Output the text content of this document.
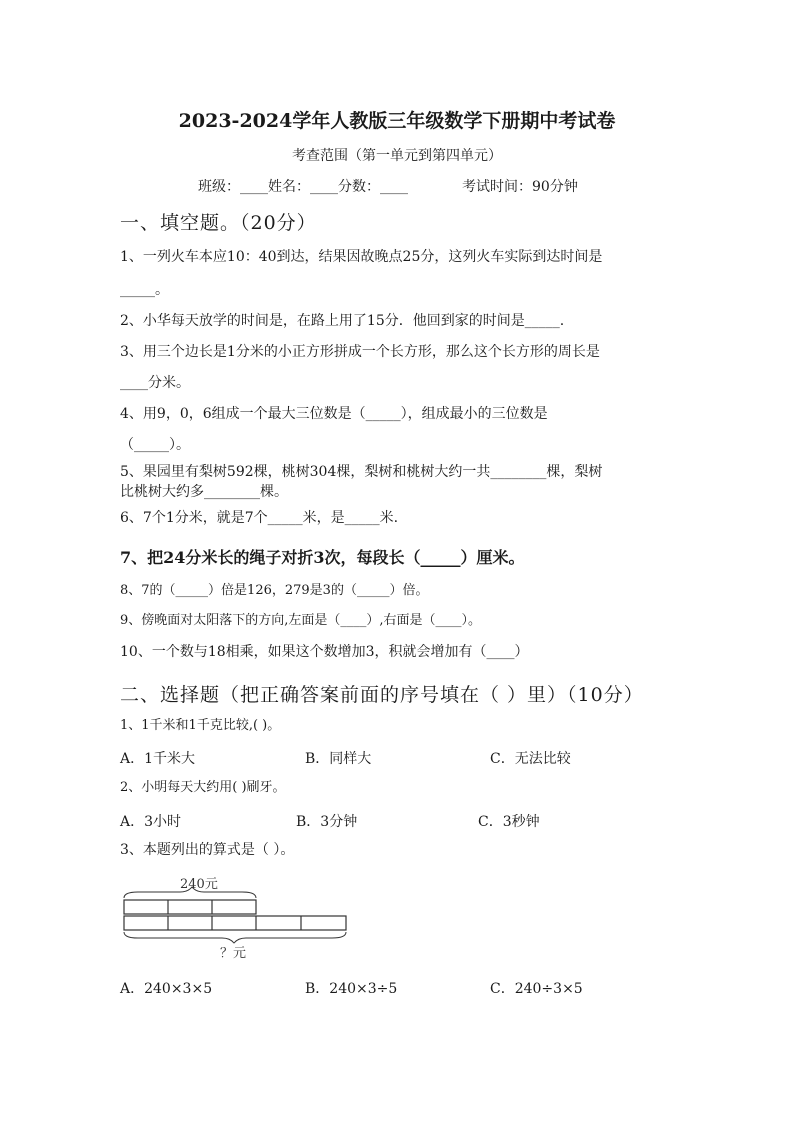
2023-2024学年人教版三年级数学下册期中考试卷
考查范围（第一单元到第四单元）
班级：____姓名：____分数：____	考试时间：90分钟
一、填空题。（20分）
1、一列火车本应10：40到达，结果因故晚点25分，这列火车实际到达时间是
_____。
2、小华每天放学的时间是，在路上用了15分．他回到家的时间是_____.
3、用三个边长是1分米的小正方形拼成一个长方形，那么这个长方形的周长是
____分米。
4、用9，0，6组成一个最大三位数是（_____），组成最小的三位数是
（_____）。
5、果园里有梨树592棵，桃树304棵，梨树和桃树大约一共________棵，梨树
比桃树大约多________棵。
6、7个1分米，就是7个_____米，是_____米.
7、把24分米长的绳子对折3次，每段长（_____）厘米。
8、7的（_____）倍是126，279是3的（_____）倍。
9、傍晚面对太阳落下的方向,左面是（____）,右面是（____）。
10、一个数与18相乘，如果这个数增加3，积就会增加有（____）
二、选择题（把正确答案前面的序号填在（ ）里）（10分）
1、1千米和1千克比较,( )。
A．1千米大	B．同样大	C．无法比较
2、小明每天大约用( )刷牙。
A．3小时	B．3分钟	C．3秒钟
3、本题列出的算式是（ ）。
240元
？元
A．240×3×5	B．240×3÷5	C．240÷3×5
